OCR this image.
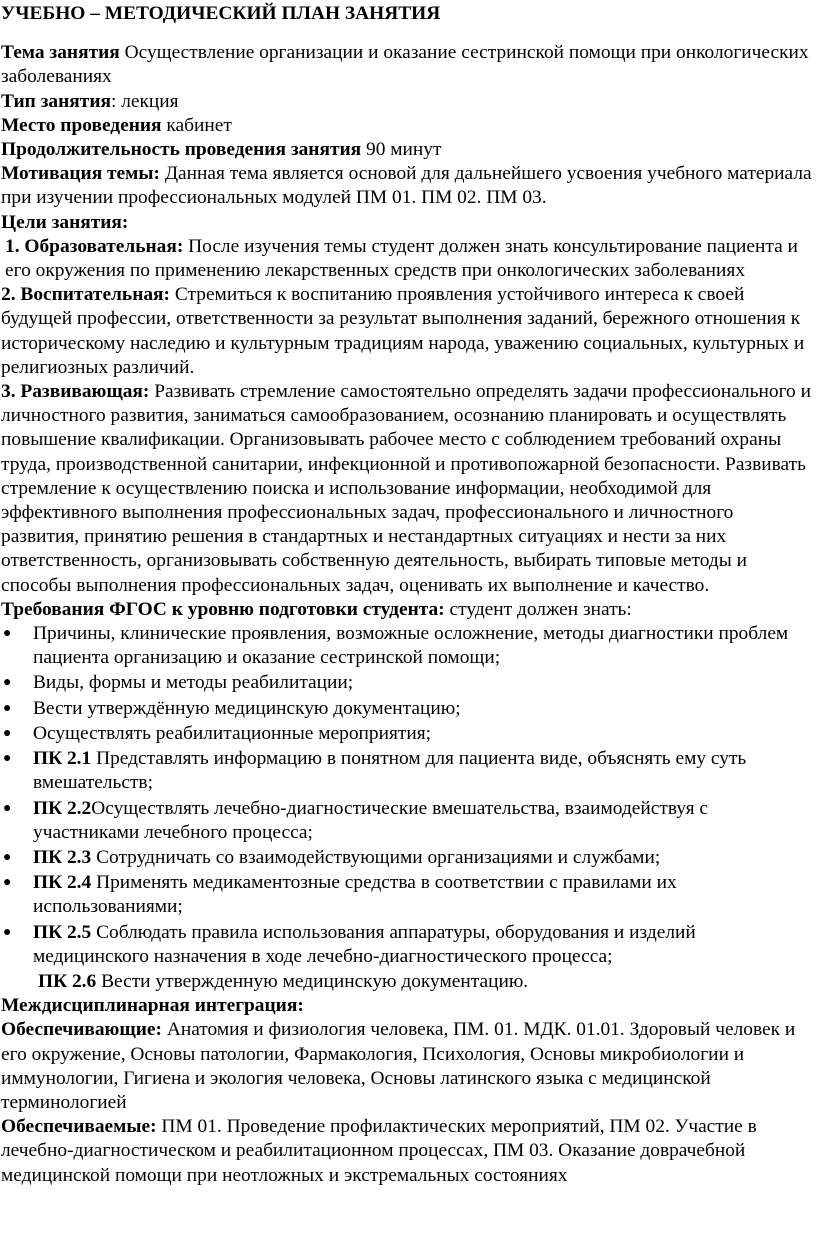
УЧЕБНО – МЕТОДИЧЕСКИЙ ПЛАН ЗАНЯТИЯ

Тема занятия Осуществление организации и оказание сестринской помощи при онкологических заболеваниях

Тип занятия: лекция

Место проведения кабинет

Продолжительность проведения занятия 90 минут

Мотивация темы: Данная тема является основой для дальнейшего усвоения учебного материала при изучении профессиональных модулей ПМ 01. ПМ 02. ПМ 03.

Цели занятия:

1. Образовательная: После изучения темы студент должен знать консультирование пациента и его окружения по применению лекарственных средств при онкологических заболеваниях

2. Воспитательная: Стремиться к воспитанию проявления устойчивого интереса к своей будущей профессии, ответственности за результат выполнения заданий, бережного отношения к историческому наследию и культурным традициям народа, уважению социальных, культурных и религиозных различий.

3. Развивающая: Развивать стремление самостоятельно определять задачи профессионального и личностного развития, заниматься самообразованием, осознанию планировать и осуществлять повышение квалификации. Организовывать рабочее место с соблюдением требований охраны труда, производственной санитарии, инфекционной и противопожарной безопасности. Развивать стремление к осуществлению поиска и использование информации, необходимой для эффективного выполнения профессиональных задач, профессионального и личностного развития, принятию решения в стандартных и нестандартных ситуациях и нести за них ответственность, организовывать собственную деятельность, выбирать типовые методы и способы выполнения профессиональных задач, оценивать их выполнение и качество.

Требования ФГОС к уровню подготовки студента: студент должен знать:

● Причины, клинические проявления, возможные осложнение, методы диагностики проблем пациента организацию и оказание сестринской помощи;
● Виды, формы и методы реабилитации;
● Вести утверждённую медицинскую документацию;
● Осуществлять реабилитационные мероприятия;
● ПК 2.1 Представлять информацию в понятном для пациента виде, объяснять ему суть вмешательств;
● ПК 2.2Осуществлять лечебно-диагностические вмешательства, взаимодействуя с участниками лечебного процесса;
● ПК 2.3 Сотрудничать со взаимодействующими организациями и службами;
● ПК 2.4 Применять медикаментозные средства в соответствии с правилами их использованиями;
● ПК 2.5 Соблюдать правила использования аппаратуры, оборудования и изделий медицинского назначения в ходе лечебно-диагностического процесса;

ПК 2.6 Вести утвержденную медицинскую документацию.

Междисциплинарная интеграция:

Обеспечивающие: Анатомия и физиология человека, ПМ. 01. МДК. 01.01. Здоровый человек и его окружение, Основы патологии, Фармакология, Психология, Основы микробиологии и иммунологии, Гигиена и экология человека, Основы латинского языка с медицинской терминологией

Обеспечиваемые: ПМ 01. Проведение профилактических мероприятий, ПМ 02. Участие в лечебно-диагностическом и реабилитационном процессах, ПМ 03. Оказание доврачебной медицинской помощи при неотложных и экстремальных состояниях
